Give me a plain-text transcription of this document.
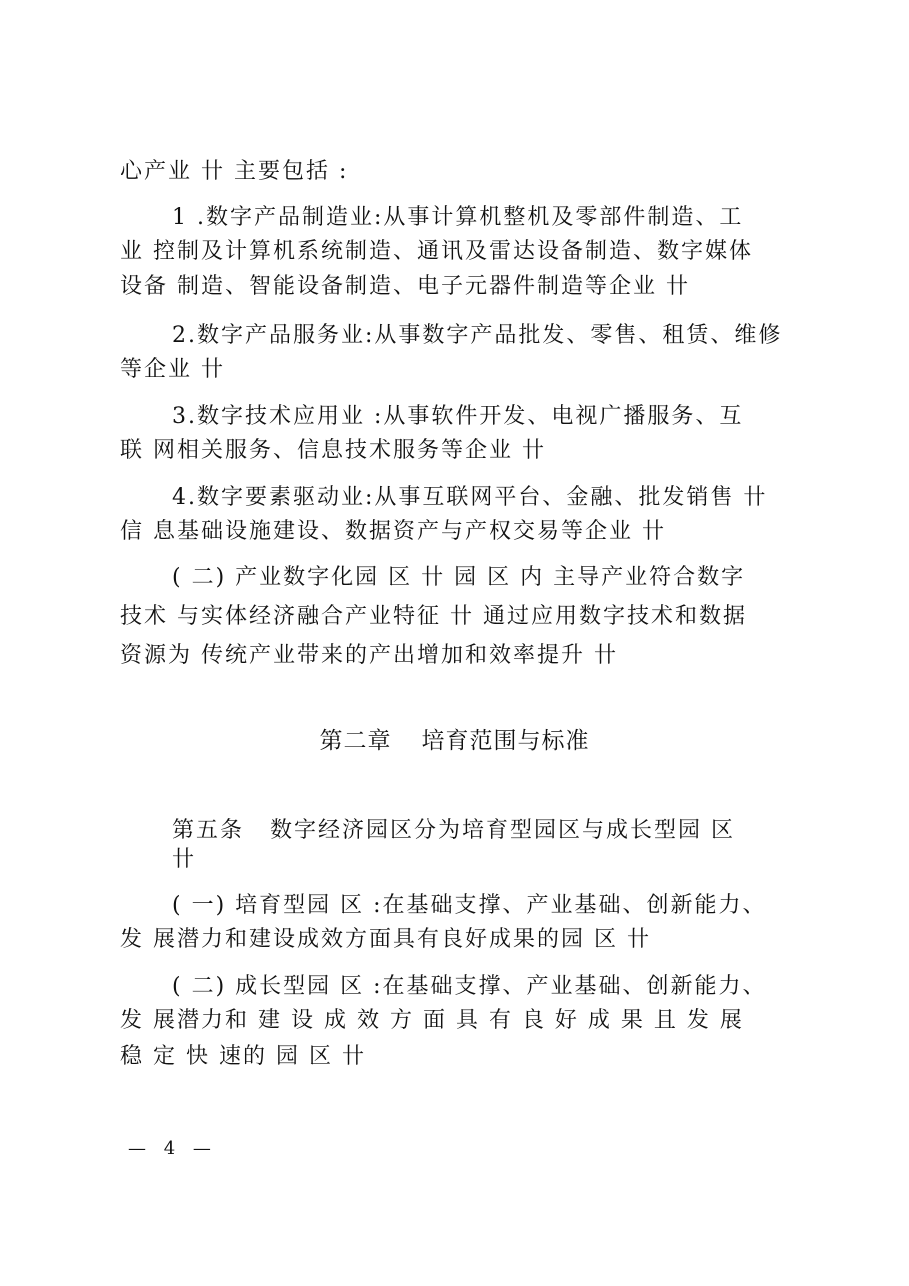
心产业 卄 主要包括 :
1 .数字产品制造业:从事计算机整机及零部件制造、工
业 控制及计算机系统制造、通讯及雷达设备制造、数字媒体
设备 制造、智能设备制造、电子元器件制造等企业 卄
2.数字产品服务业:从事数字产品批发、零售、租赁、维修
等企业 卄
3.数字技术应用业 :从事软件开发、电视广播服务、互
联 网相关服务、信息技术服务等企业 卄
4.数字要素驱动业:从事互联网平台、金融、批发销售 卄
信 息基础设施建设、数据资产与产权交易等企业 卄
( 二) 产业数字化园 区 卄 园 区 内 主导产业符合数字
技术 与实体经济融合产业特征 卄 通过应用数字技术和数据
资源为 传统产业带来的产出增加和效率提升 卄
第二章 培育范围与标准
第五条 数字经济园区分为培育型园区与成长型园 区
卄
( 一) 培育型园 区 :在基础支撑、产业基础、创新能力、
发 展潜力和建设成效方面具有良好成果的园 区 卄
( 二) 成长型园 区 :在基础支撑、产业基础、创新能力、
发 展潜力和 建 设 成 效 方 面 具 有 良 好 成 果 且 发 展
稳 定 快 速的 园 区 卄
— 4 —
